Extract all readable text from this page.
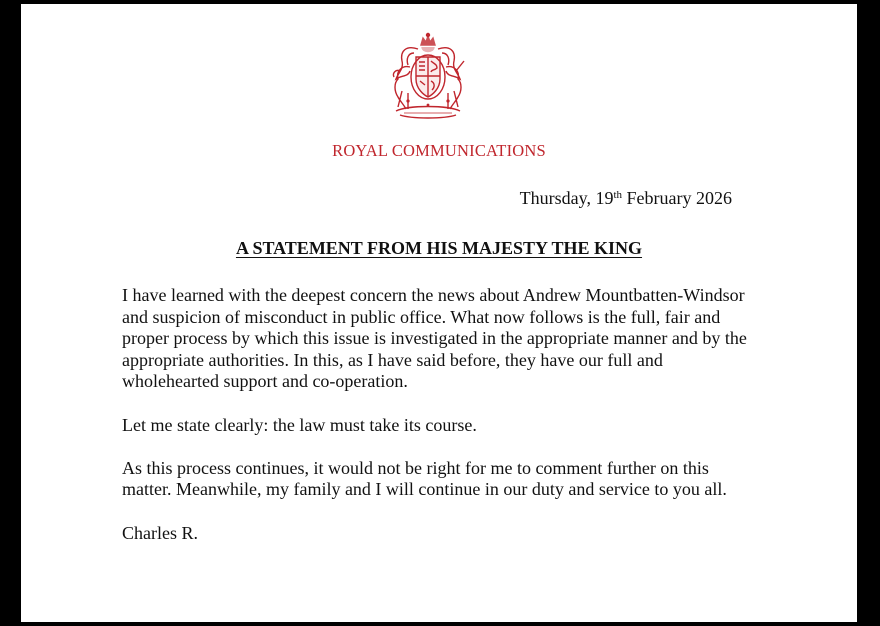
ROYAL COMMUNICATIONS
Thursday, 19th February 2026
A STATEMENT FROM HIS MAJESTY THE KING

I have learned with the deepest concern the news about Andrew Mountbatten-Windsor and suspicion of misconduct in public office. What now follows is the full, fair and proper process by which this issue is investigated in the appropriate manner and by the appropriate authorities. In this, as I have said before, they have our full and wholehearted support and co-operation.

Let me state clearly: the law must take its course.

As this process continues, it would not be right for me to comment further on this matter. Meanwhile, my family and I will continue in our duty and service to you all.

Charles R.
